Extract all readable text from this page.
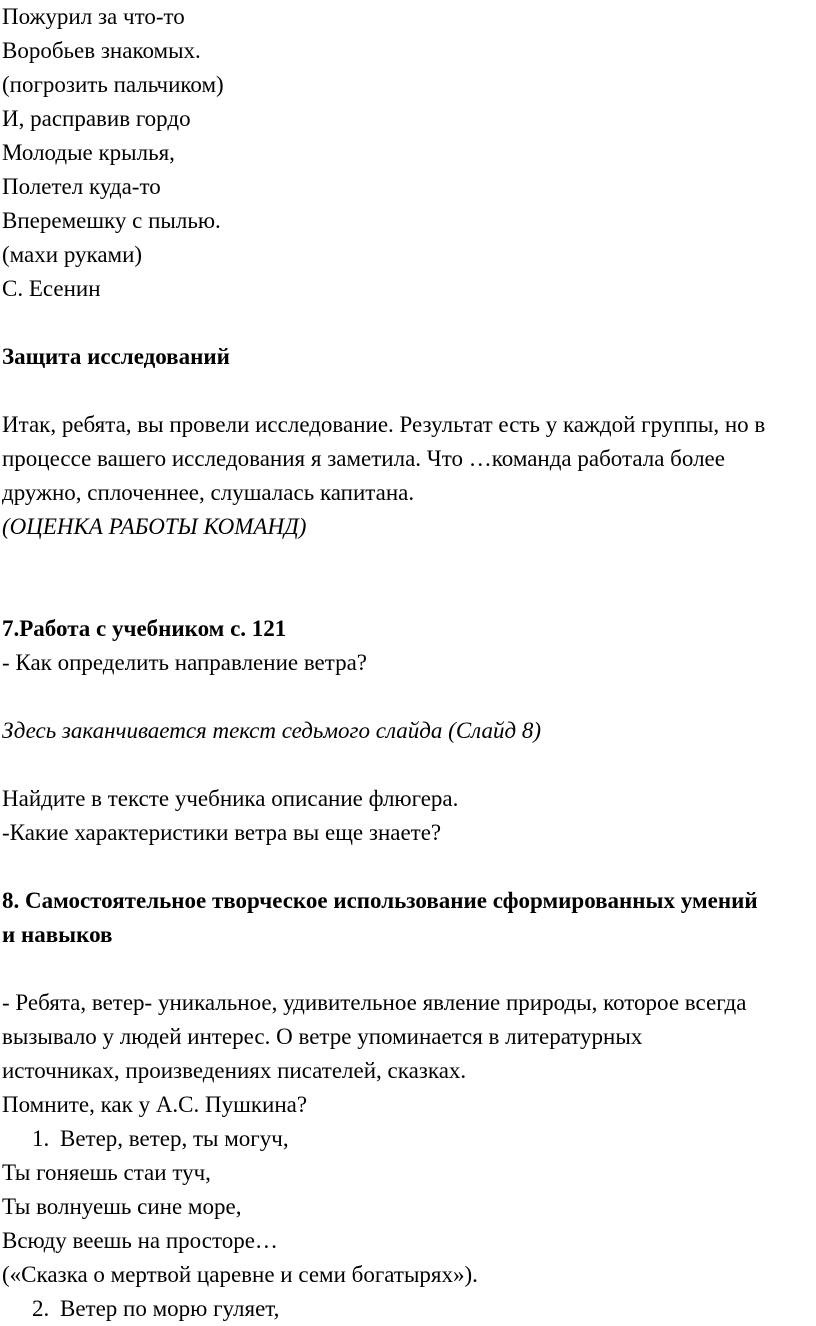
Пожурил за что-то
Воробьев знакомых.
(погрозить пальчиком)
И, расправив гордо
Молодые крылья,
Полетел куда-то
Вперемешку с пылью.
(махи руками)
С. Есенин
Защита исследований
Итак, ребята, вы провели исследование. Результат есть у каждой группы, но в
процессе вашего исследования я заметила. Что …команда работала более
дружно, сплоченнее, слушалась капитана.
(ОЦЕНКА РАБОТЫ КОМАНД)
7.Работа с учебником с. 121
- Как определить направление ветра?
Здесь заканчивается текст седьмого слайда (Слайд 8)
Найдите в тексте учебника описание флюгера.
-Какие характеристики ветра вы еще знаете?
8. Самостоятельное творческое использование сформированных умений
и навыков
- Ребята, ветер- уникальное, удивительное явление природы, которое всегда
вызывало у людей интерес. О ветре упоминается в литературных
источниках, произведениях писателей, сказках.
Помните, как у А.С. Пушкина?
1. Ветер, ветер, ты могуч,
Ты гоняешь стаи туч,
Ты волнуешь сине море,
Всюду веешь на просторе…
(«Сказка о мертвой царевне и семи богатырях»).
2. Ветер по морю гуляет,
